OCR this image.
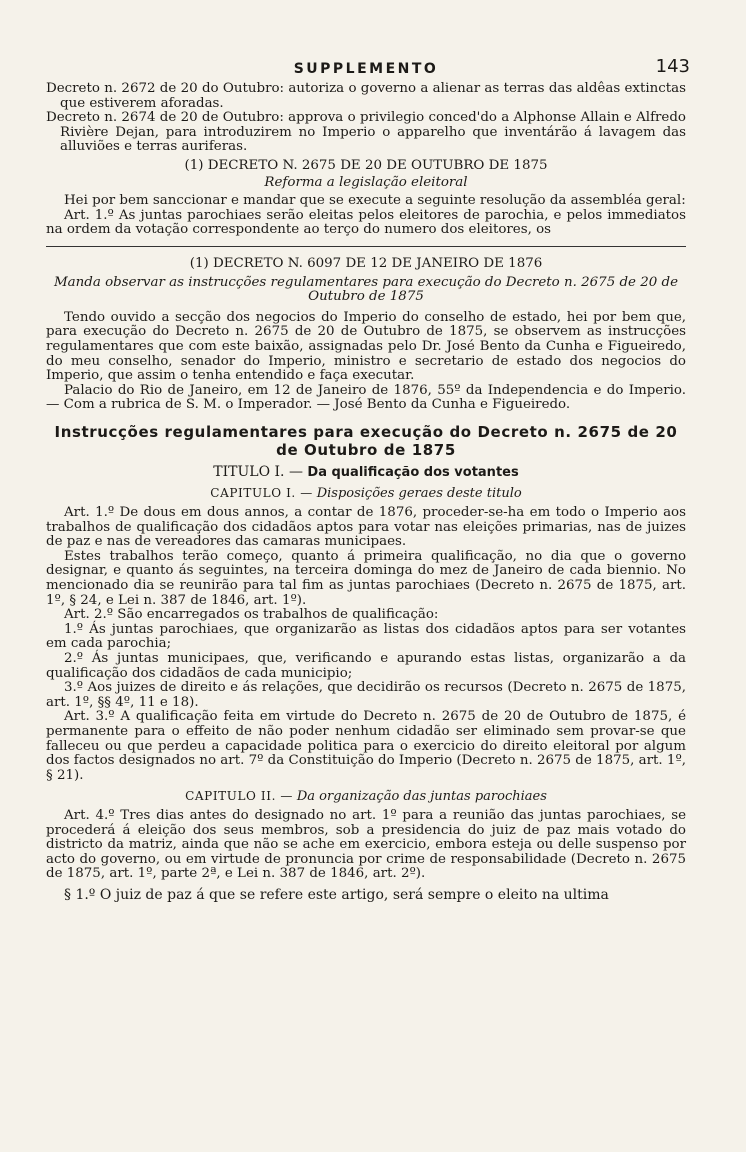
SUPPLEMENTO	143

Decreto n. 2672 de 20 do Outubro: autoriza o governo a alienar as terras das aldêas extinctas que estiverem aforadas.

Decreto n. 2674 de 20 de Outubro: approva o privilegio conced'do a Alphonse Allain e Alfredo Rivière Dejan, para introduzirem no Imperio o apparelho que inventárão á lavagem das alluviões e terras auriferas.

(1) DECRETO N. 2675 DE 20 DE OUTUBRO DE 1875

Reforma a legislação eleitoral

Hei por bem sanccionar e mandar que se execute a seguinte resolução da assembléa geral:

Art. 1.º As juntas parochiaes serão eleitas pelos eleitores de parochia, e pelos immediatos na ordem da votação correspondente ao terço do numero dos eleitores, os

(1) DECRETO N. 6097 DE 12 DE JANEIRO DE 1876

Manda observar as instrucções regulamentares para execução do Decreto n. 2675 de 20 de Outubro de 1875

Tendo ouvido a secção dos negocios do Imperio do conselho de estado, hei por bem que, para execução do Decreto n. 2675 de 20 de Outubro de 1875, se observem as instrucções regulamentares que com este baixão, assignadas pelo Dr. José Bento da Cunha e Figueiredo, do meu conselho, senador do Imperio, ministro e secretario de estado dos negocios do Imperio, que assim o tenha entendido e faça executar.

Palacio do Rio de Janeiro, em 12 de Janeiro de 1876, 55º da Independencia e do Imperio. — Com a rubrica de S. M. o Imperador. — José Bento da Cunha e Figueiredo.

Instrucções regulamentares para execução do Decreto n. 2675 de 20 de Outubro de 1875
TITULO I. — Da qualificação dos votantes
CAPITULO I. — Disposições geraes deste titulo

Art. 1.º De dous em dous annos, a contar de 1876, proceder-se-ha em todo o Imperio aos trabalhos de qualificação dos cidadãos aptos para votar nas eleições primarias, nas de juizes de paz e nas de vereadores das camaras municipaes.

Estes trabalhos terão começo, quanto á primeira qualificação, no dia que o governo designar, e quanto ás seguintes, na terceira dominga do mez de Janeiro de cada biennio. No mencionado dia se reunirão para tal fim as juntas parochiaes (Decreto n. 2675 de 1875, art. 1º, § 24, e Lei n. 387 de 1846, art. 1º).

Art. 2.º São encarregados os trabalhos de qualificação:

1.º Ás juntas parochiaes, que organizarão as listas dos cidadãos aptos para ser votantes em cada parochia;

2.º Ás juntas municipaes, que, verificando e apurando estas listas, organizarão a da qualificação dos cidadãos de cada municipio;

3.º Aos juizes de direito e ás relações, que decidirão os recursos (Decreto n. 2675 de 1875, art. 1º, §§ 4º, 11 e 18).

Art. 3.º A qualificação feita em virtude do Decreto n. 2675 de 20 de Outubro de 1875, é permanente para o effeito de não poder nenhum cidadão ser eliminado sem provar-se que falleceu ou que perdeu a capacidade politica para o exercicio do direito eleitoral por algum dos factos designados no art. 7º da Constituição do Imperio (Decreto n. 2675 de 1875, art. 1º, § 21).

CAPITULO II. — Da organização das juntas parochiaes

Art. 4.º Tres dias antes do designado no art. 1º para a reunião das juntas parochiaes, se procederá á eleição dos seus membros, sob a presidencia do juiz de paz mais votado do districto da matriz, ainda que não se ache em exercicio, embora esteja ou delle suspenso por acto do governo, ou em virtude de pronuncia por crime de responsabilidade (Decreto n. 2675 de 1875, art. 1º, parte 2ª, e Lei n. 387 de 1846, art. 2º).

§ 1.º O juiz de paz á que se refere este artigo, será sempre o eleito na ultima
